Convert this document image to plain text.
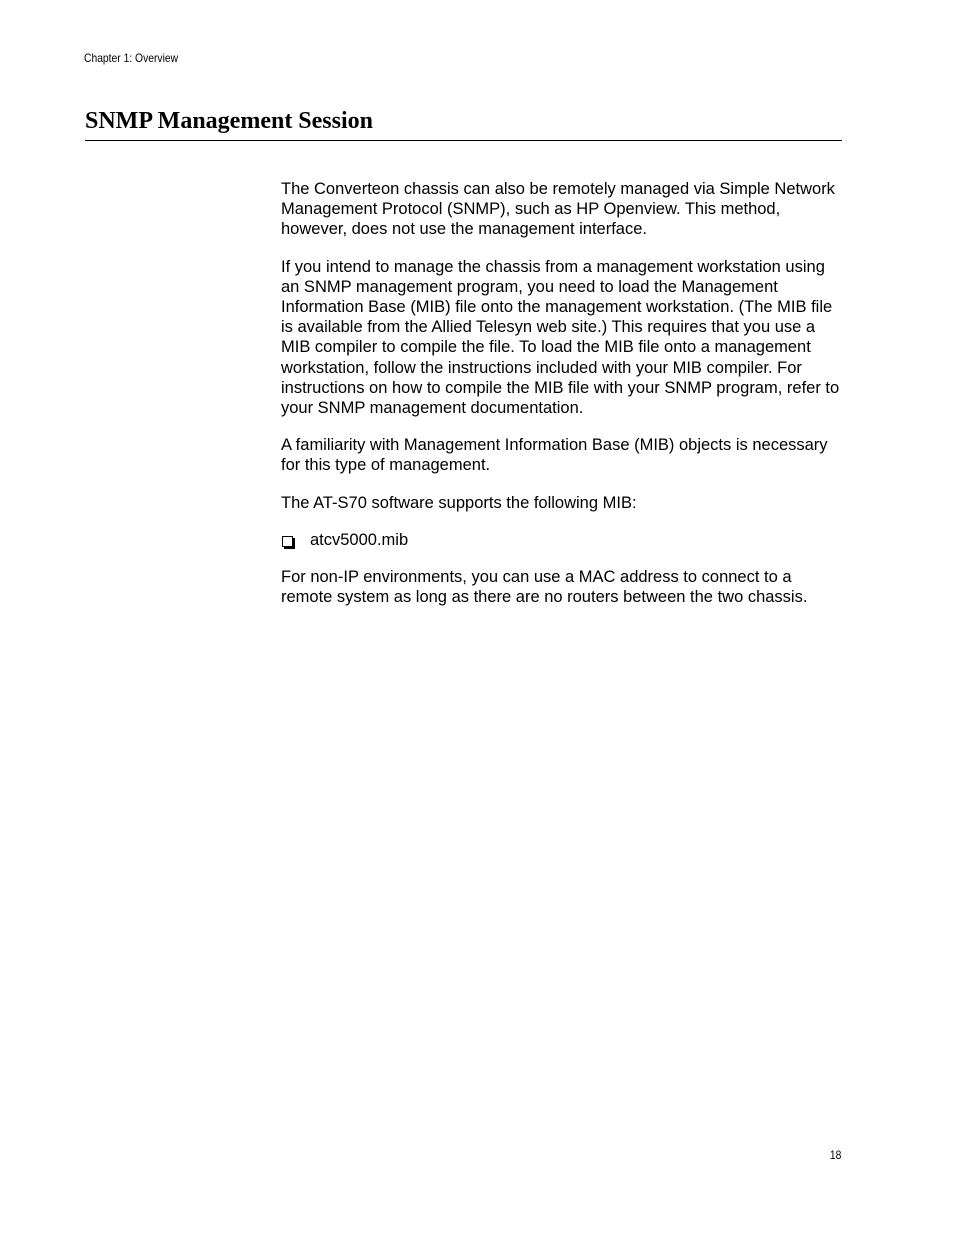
Chapter 1: Overview
SNMP Management Session

The Converteon chassis can also be remotely managed via Simple Network Management Protocol (SNMP), such as HP Openview. This method, however, does not use the management interface.

If you intend to manage the chassis from a management workstation using an SNMP management program, you need to load the Management Information Base (MIB) file onto the management workstation. (The MIB file is available from the Allied Telesyn web site.) This requires that you use a MIB compiler to compile the file. To load the MIB file onto a management workstation, follow the instructions included with your MIB compiler. For instructions on how to compile the MIB file with your SNMP program, refer to your SNMP management documentation.

A familiarity with Management Information Base (MIB) objects is necessary for this type of management.

The AT-S70 software supports the following MIB:

atcv5000.mib

For non-IP environments, you can use a MAC address to connect to a remote system as long as there are no routers between the two chassis.

18
